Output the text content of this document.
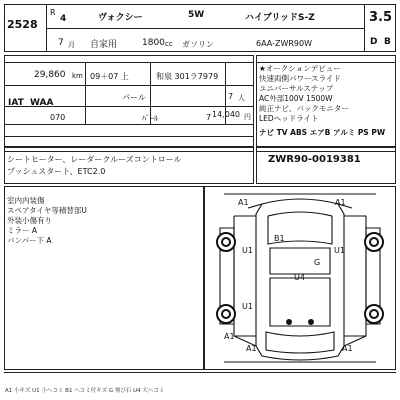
2528
R
4	ヴォクシー	5W	ハイブリッドS-Z	3.5
7 月 自家用	1800 cc ガソリン	6AA-ZWR90W	D B
29,860 km 09＋07 上	和泉 301ラ7979
IAT WAA
パール	7 人
070	ﾊﾟｰﾙ	7 14,040 円
★オークションデビュー
快速両側パワースライド
ユニバーサルステップ
AC外部100V 1500W
純正ナビ、バックモニター
LEDヘッドライト
ナビ TV ABS エアB アルミ PS PW
シートヒーター、レーダークルーズコントロール
プッシュスタート、ETC2.0
ZWR90-0019381
室内内装傷
スペアタイヤ等積替部U
外装小傷有り
ミラー A
バンパー下 A
A1	A1
B1
G
U1	U1
U4
U1
A1
A1	A1
A1 小キズ U1 小ヘコミ B1 ヘコミ付キズ G 飛び石 U4 大ヘコミ
